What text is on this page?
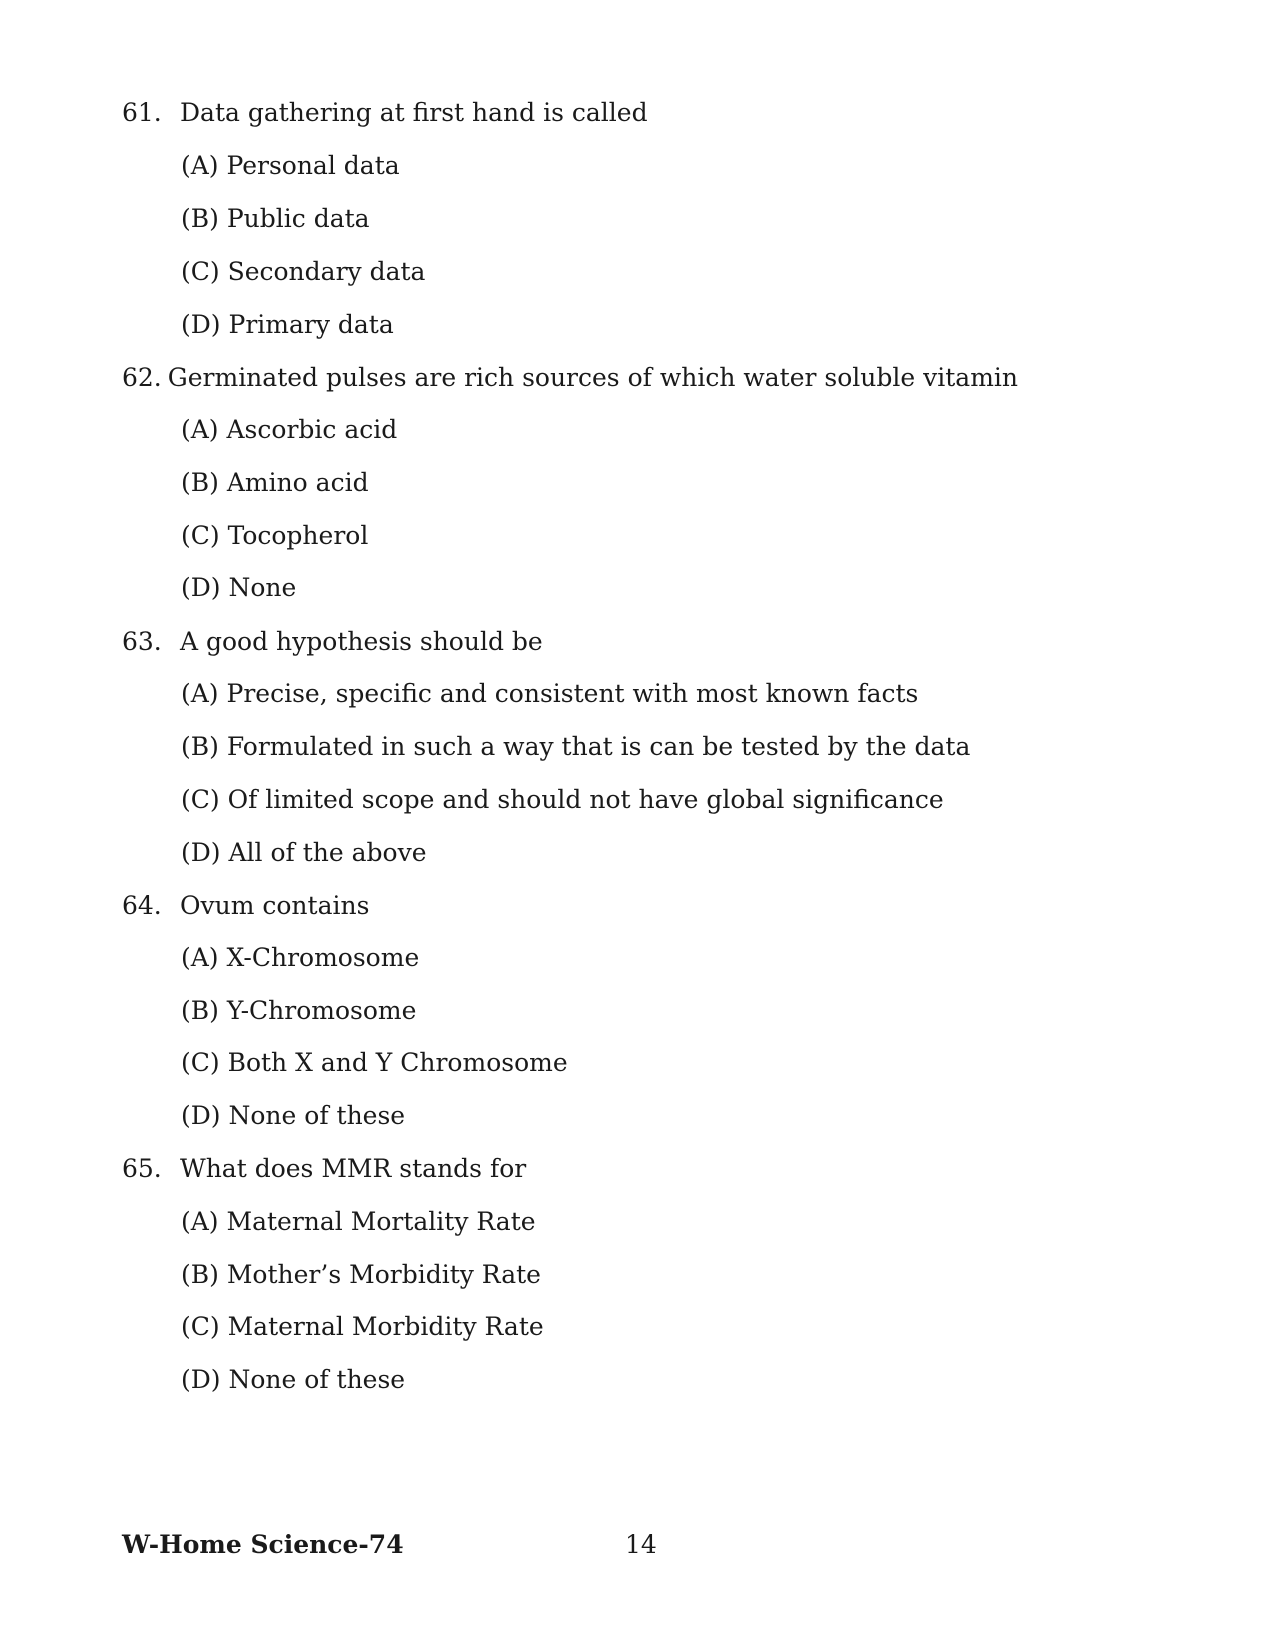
61. Data gathering at first hand is called
(A) Personal data
(B) Public data
(C) Secondary data
(D) Primary data
62. Germinated pulses are rich sources of which water soluble vitamin
(A) Ascorbic acid
(B) Amino acid
(C) Tocopherol
(D) None
63. A good hypothesis should be
(A) Precise, specific and consistent with most known facts
(B) Formulated in such a way that is can be tested by the data
(C) Of limited scope and should not have global significance
(D) All of the above
64. Ovum contains
(A) X-Chromosome
(B) Y-Chromosome
(C) Both X and Y Chromosome
(D) None of these
65. What does MMR stands for
(A) Maternal Mortality Rate
(B) Mother’s Morbidity Rate
(C) Maternal Morbidity Rate
(D) None of these
W-Home Science-74	14
